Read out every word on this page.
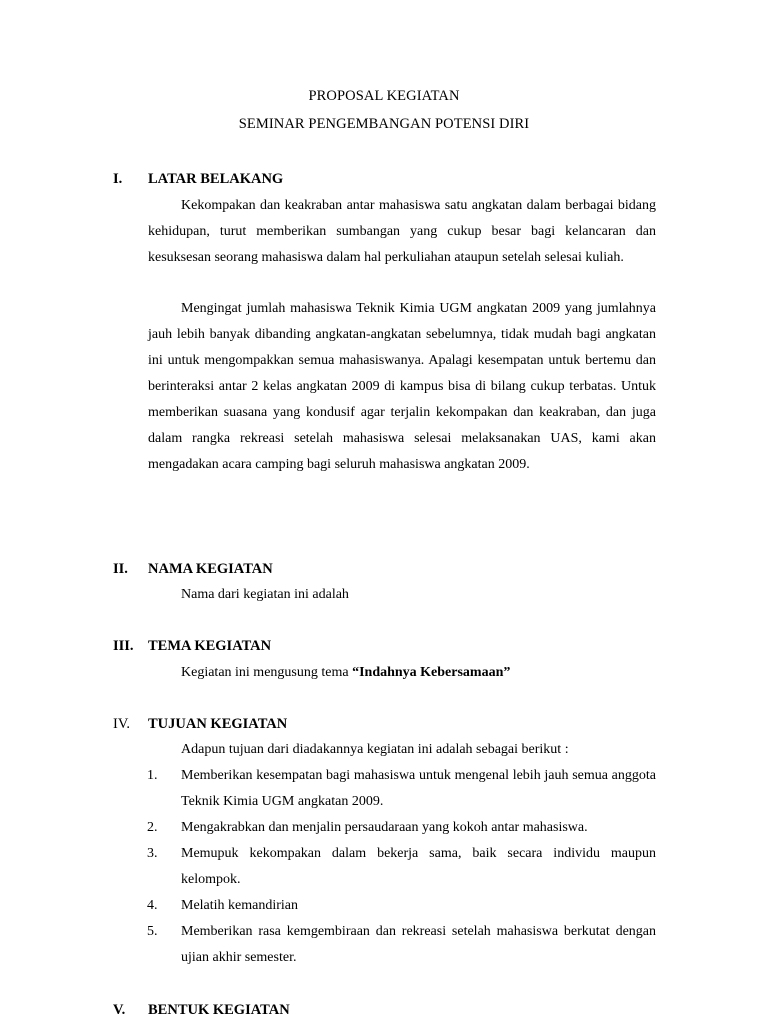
PROPOSAL KEGIATAN
SEMINAR PENGEMBANGAN POTENSI DIRI
I. LATAR BELAKANG

Kekompakan dan keakraban antar mahasiswa satu angkatan dalam berbagai bidang kehidupan, turut memberikan sumbangan yang cukup besar bagi kelancaran dan kesuksesan seorang mahasiswa dalam hal perkuliahan ataupun setelah selesai kuliah.

Mengingat jumlah mahasiswa Teknik Kimia UGM angkatan 2009 yang jumlahnya jauh lebih banyak dibanding angkatan-angkatan sebelumnya, tidak mudah bagi angkatan ini untuk mengompakkan semua mahasiswanya. Apalagi kesempatan untuk bertemu dan berinteraksi antar 2 kelas angkatan 2009 di kampus bisa di bilang cukup terbatas. Untuk memberikan suasana yang kondusif agar terjalin kekompakan dan keakraban, dan juga dalam rangka rekreasi setelah mahasiswa selesai melaksanakan UAS, kami akan mengadakan acara camping bagi seluruh mahasiswa angkatan 2009.

II. NAMA KEGIATAN
Nama dari kegiatan ini adalah
III. TEMA KEGIATAN
Kegiatan ini mengusung tema “Indahnya Kebersamaan”
IV. TUJUAN KEGIATAN
Adapun tujuan dari diadakannya kegiatan ini adalah sebagai berikut :
1. Memberikan kesempatan bagi mahasiswa untuk mengenal lebih jauh semua anggota Teknik Kimia UGM angkatan 2009.

2. Mengakrabkan dan menjalin persaudaraan yang kokoh antar mahasiswa.

3. Memupuk kekompakan dalam bekerja sama, baik secara individu maupun kelompok.

4. Melatih kemandirian

5. Memberikan rasa kemgembiraan dan rekreasi setelah mahasiswa berkutat dengan ujian akhir semester.

V. BENTUK KEGIATAN
